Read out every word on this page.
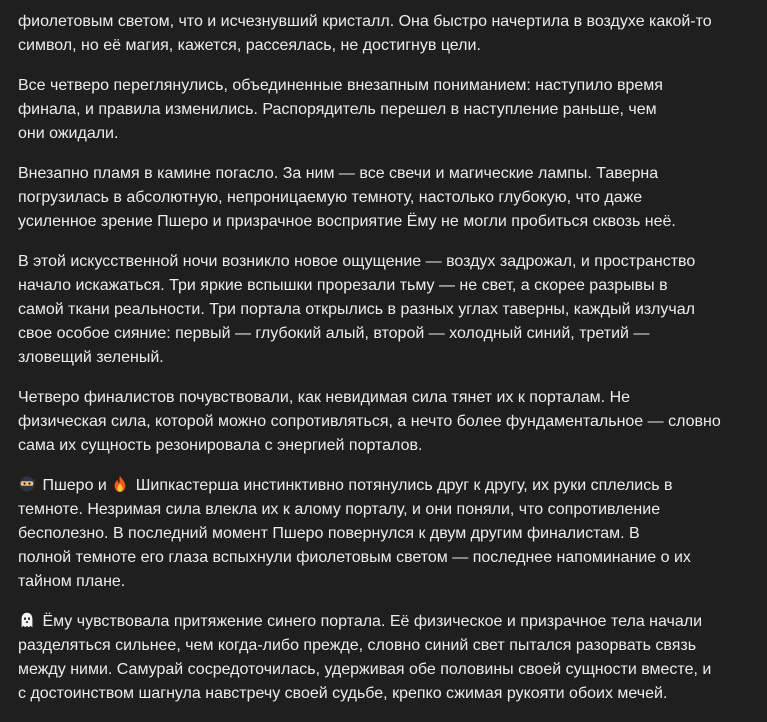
фиолетовым светом, что и исчезнувший кристалл. Она быстро начертила в воздухе какой-то
символ, но её магия, кажется, рассеялась, не достигнув цели.

Все четверо переглянулись, объединенные внезапным пониманием: наступило время
финала, и правила изменились. Распорядитель перешел в наступление раньше, чем
они ожидали.

Внезапно пламя в камине погасло. За ним — все свечи и магические лампы. Таверна
погрузилась в абсолютную, непроницаемую темноту, настолько глубокую, что даже
усиленное зрение Пшеро и призрачное восприятие Ёму не могли пробиться сквозь неё.

В этой искусственной ночи возникло новое ощущение — воздух задрожал, и пространство
начало искажаться. Три яркие вспышки прорезали тьму — не свет, а скорее разрывы в
самой ткани реальности. Три портала открылись в разных углах таверны, каждый излучал
свое особое сияние: первый — глубокий алый, второй — холодный синий, третий —
зловещий зеленый.

Четверо финалистов почувствовали, как невидимая сила тянет их к порталам. Не
физическая сила, которой можно сопротивляться, а нечто более фундаментальное — словно
сама их сущность резонировала с энергией порталов.

Пшеро и  Шипкастерша инстинктивно потянулись друг к другу, их руки сплелись в
темноте. Незримая сила влекла их к алому порталу, и они поняли, что сопротивление
бесполезно. В последний момент Пшеро повернулся к двум другим финалистам. В
полной темноте его глаза вспыхнули фиолетовым светом — последнее напоминание о их
тайном плане.

Ёму чувствовала притяжение синего портала. Её физическое и призрачное тела начали
разделяться сильнее, чем когда-либо прежде, словно синий свет пытался разорвать связь
между ними. Самурай сосредоточилась, удерживая обе половины своей сущности вместе, и
с достоинством шагнула навстречу своей судьбе, крепко сжимая рукояти обоих мечей.
